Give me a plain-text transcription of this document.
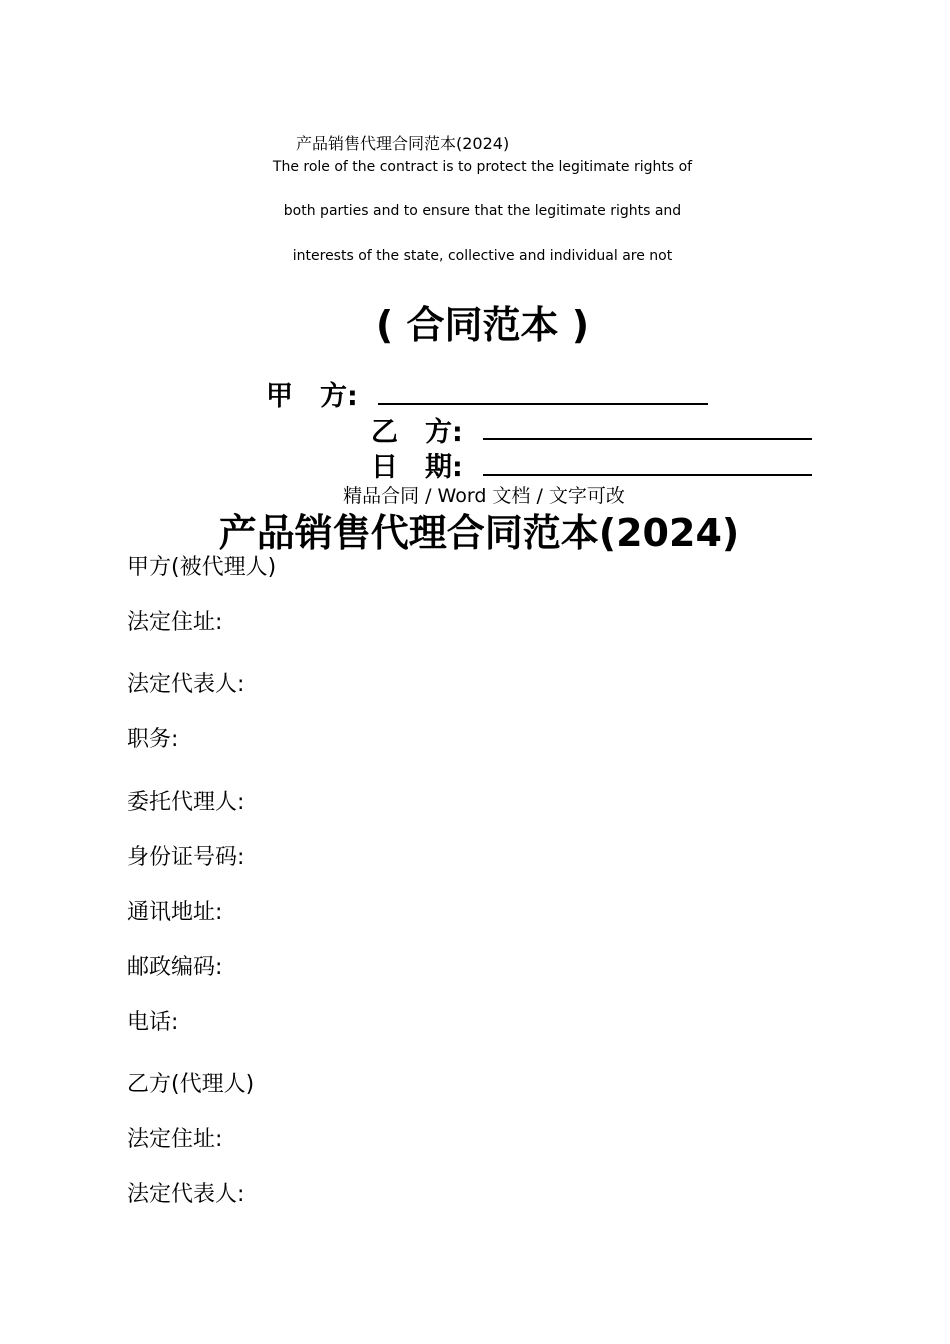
产品销售代理合同范本(2024)
The role of the contract is to protect the legitimate rights of
both parties and to ensure that the legitimate rights and
interests of the state, collective and individual are not
( 合同范本 )
甲　方:
乙　方:
日　期:
精品合同 / Word 文档 / 文字可改
产品销售代理合同范本(2024)
甲方(被代理人)
法定住址:
法定代表人:
职务:
委托代理人:
身份证号码:
通讯地址:
邮政编码:
电话:
乙方(代理人)
法定住址:
法定代表人:
